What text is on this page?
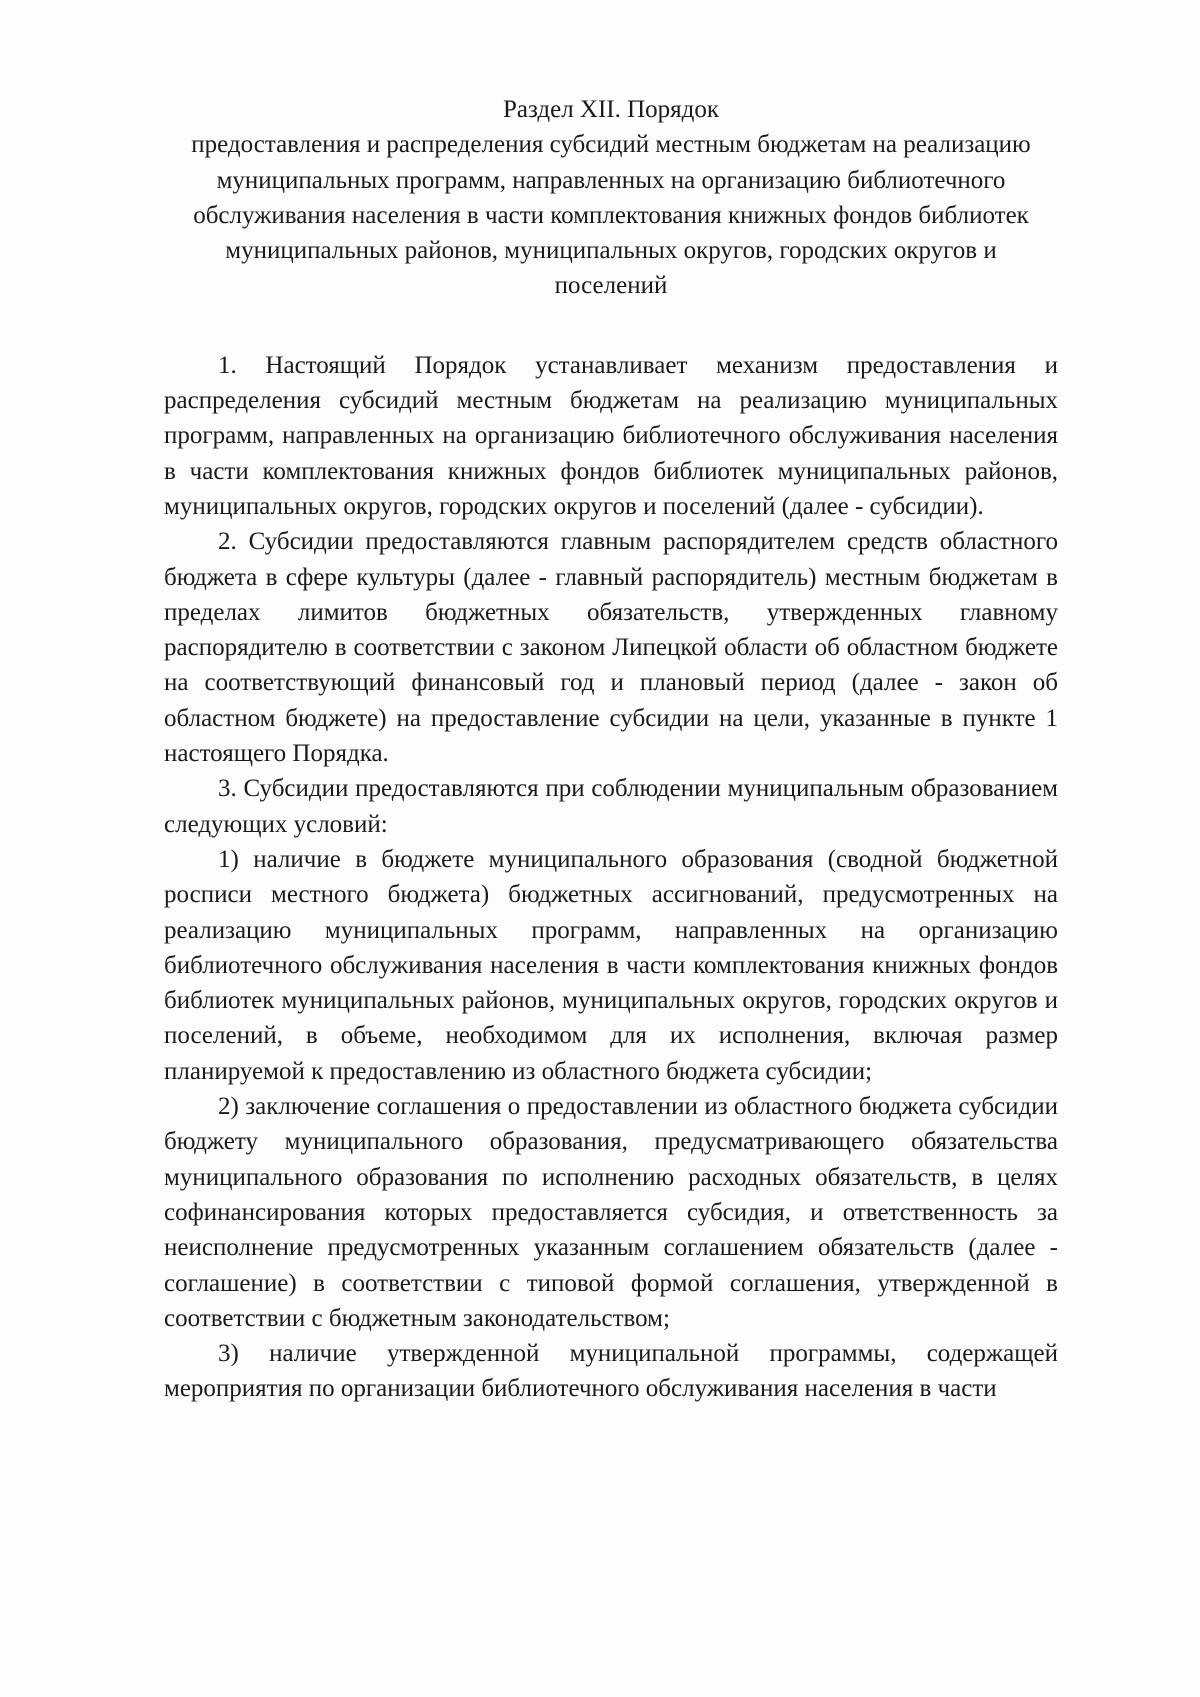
Раздел XII. Порядок
предоставления и распределения субсидий местным бюджетам на реализацию
муниципальных программ, направленных на организацию библиотечного
обслуживания населения в части комплектования книжных фондов библиотек
муниципальных районов, муниципальных округов, городских округов и
поселений

1. Настоящий Порядок устанавливает механизм предоставления и распределения субсидий местным бюджетам на реализацию муниципальных программ, направленных на организацию библиотечного обслуживания населения в части комплектования книжных фондов библиотек муниципальных районов, муниципальных округов, городских округов и поселений (далее - субсидии).

2. Субсидии предоставляются главным распорядителем средств областного бюджета в сфере культуры (далее - главный распорядитель) местным бюджетам в пределах лимитов бюджетных обязательств, утвержденных главному распорядителю в соответствии с законом Липецкой области об областном бюджете на соответствующий финансовый год и плановый период (далее - закон об областном бюджете) на предоставление субсидии на цели, указанные в пункте 1 настоящего Порядка.

3. Субсидии предоставляются при соблюдении муниципальным образованием следующих условий:

1) наличие в бюджете муниципального образования (сводной бюджетной росписи местного бюджета) бюджетных ассигнований, предусмотренных на реализацию муниципальных программ, направленных на организацию библиотечного обслуживания населения в части комплектования книжных фондов библиотек муниципальных районов, муниципальных округов, городских округов и поселений, в объеме, необходимом для их исполнения, включая размер планируемой к предоставлению из областного бюджета субсидии;

2) заключение соглашения о предоставлении из областного бюджета субсидии бюджету муниципального образования, предусматривающего обязательства муниципального образования по исполнению расходных обязательств, в целях софинансирования которых предоставляется субсидия, и ответственность за неисполнение предусмотренных указанным соглашением обязательств (далее - соглашение) в соответствии с типовой формой соглашения, утвержденной в соответствии с бюджетным законодательством;

3) наличие утвержденной муниципальной программы, содержащей мероприятия по организации библиотечного обслуживания населения в части
